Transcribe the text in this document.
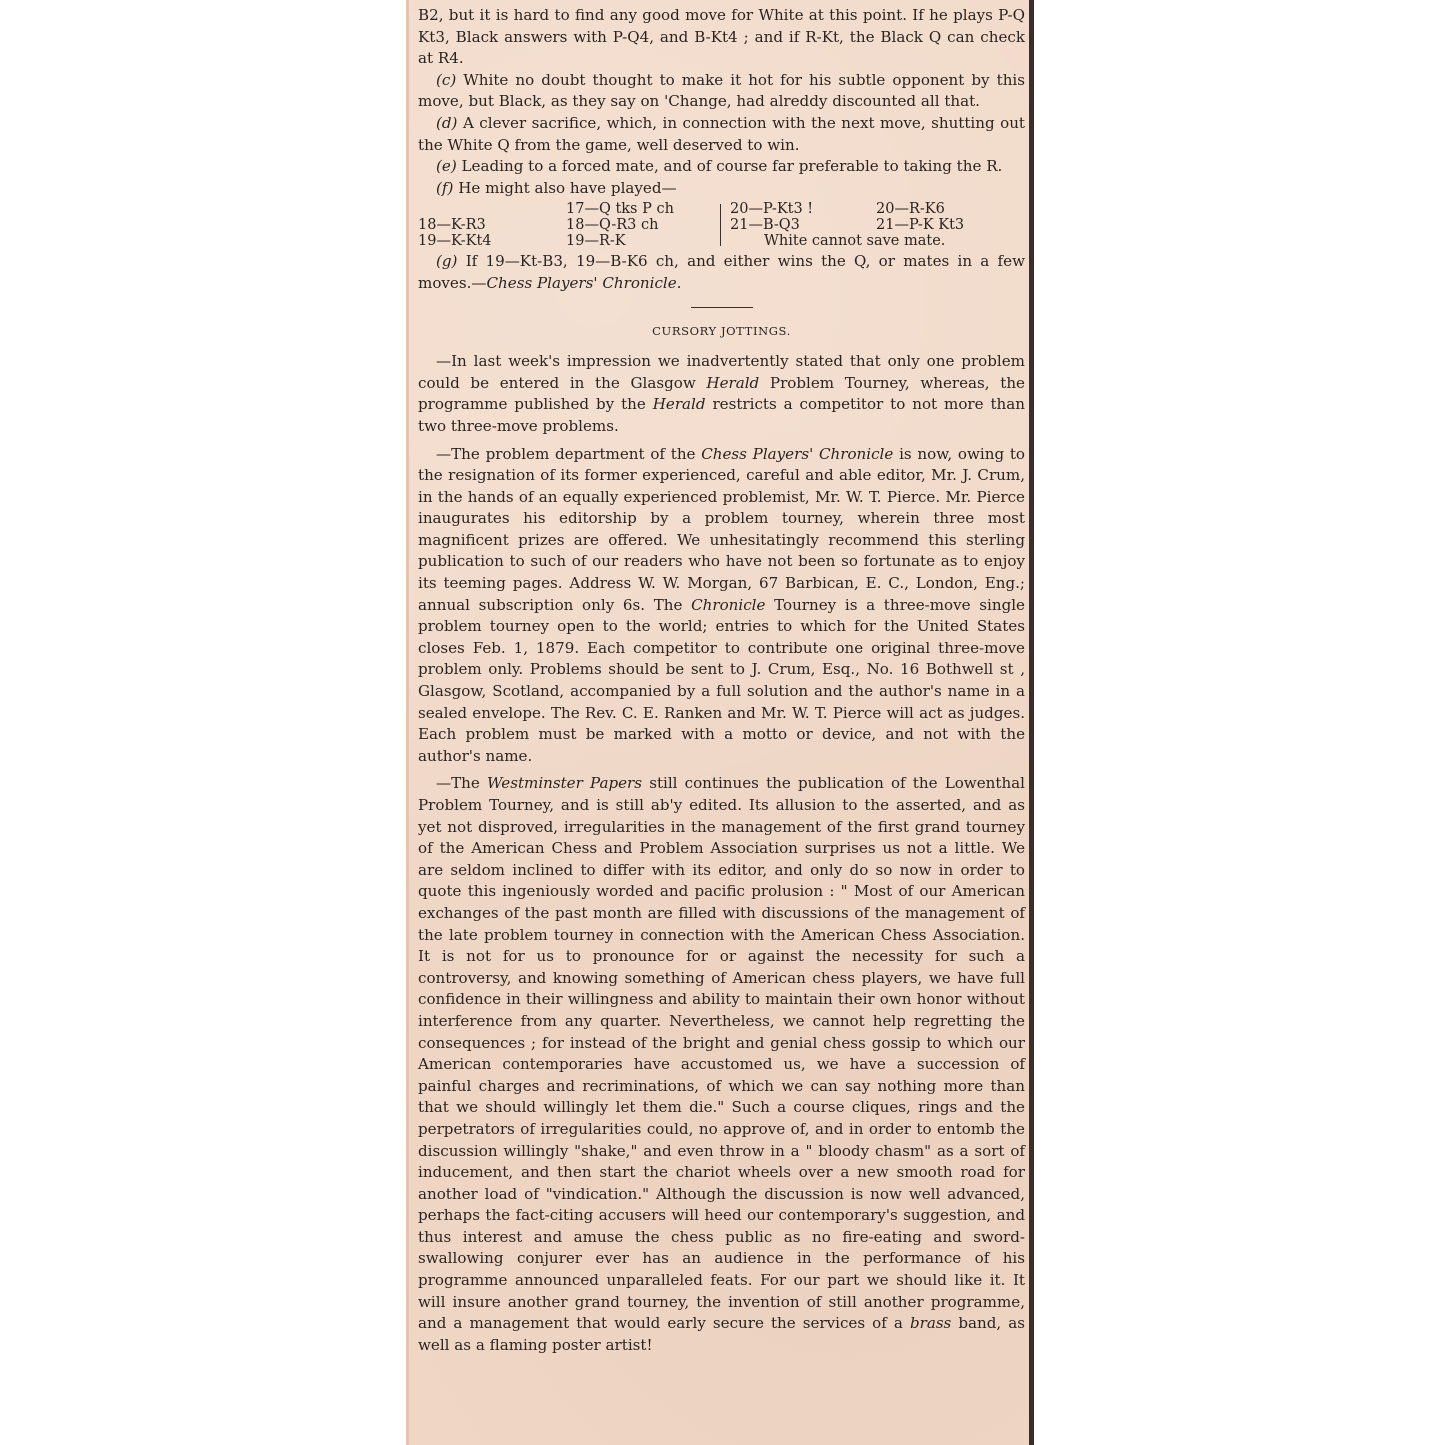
B2, but it is hard to find any good move for White at this point. If he plays P-Q Kt3, Black answers with P-Q4, and B-Kt4 ; and if R-Kt, the Black Q can check at R4.

(c) White no doubt thought to make it hot for his subtle opponent by this move, but Black, as they say on 'Change, had alreddy discounted all that.

(d) A clever sacrifice, which, in connection with the next move, shutting out the White Q from the game, well deserved to win.

(e) Leading to a forced mate, and of course far preferable to taking the R.

(f) He might also have played—

18—K-R3
19—K-Kt4
17—Q tks P ch
18—Q-R3 ch
19—R-K
20—P-Kt3 !
21—B-Q3
20—R-K6
21—P-K Kt3
White cannot save mate.

(g) If 19—Kt-B3, 19—B-K6 ch, and either wins the Q, or mates in a few moves.—Chess Players' Chronicle.

CURSORY JOTTINGS.

—In last week's impression we inadvertently stated that only one problem could be entered in the Glasgow Herald Problem Tourney, whereas, the programme published by the Herald restricts a competitor to not more than two three-move problems.

—The problem department of the Chess Players' Chronicle is now, owing to the resignation of its former experienced, careful and able editor, Mr. J. Crum, in the hands of an equally experienced problemist, Mr. W. T. Pierce. Mr. Pierce inaugurates his editorship by a problem tourney, wherein three most magnificent prizes are offered. We unhesitatingly recommend this sterling publication to such of our readers who have not been so fortunate as to enjoy its teeming pages. Address W. W. Morgan, 67 Barbican, E. C., London, Eng.; annual subscription only 6s. The Chronicle Tourney is a three-move single problem tourney open to the world; entries to which for the United States closes Feb. 1, 1879. Each competitor to contribute one original three-move problem only. Problems should be sent to J. Crum, Esq., No. 16 Bothwell st , Glasgow, Scotland, accompanied by a full solution and the author's name in a sealed envelope. The Rev. C. E. Ranken and Mr. W. T. Pierce will act as judges. Each problem must be marked with a motto or device, and not with the author's name.

—The Westminster Papers still continues the publication of the Lowenthal Problem Tourney, and is still ab'y edited. Its allusion to the asserted, and as yet not disproved, irregularities in the management of the first grand tourney of the American Chess and Problem Association surprises us not a little. We are seldom inclined to differ with its editor, and only do so now in order to quote this ingeniously worded and pacific prolusion : " Most of our American exchanges of the past month are filled with discussions of the management of the late problem tourney in connection with the American Chess Association. It is not for us to pronounce for or against the necessity for such a controversy, and knowing something of American chess players, we have full confidence in their willingness and ability to maintain their own honor without interference from any quarter. Nevertheless, we cannot help regretting the consequences ; for instead of the bright and genial chess gossip to which our American contemporaries have accustomed us, we have a succession of painful charges and recriminations, of which we can say nothing more than that we should willingly let them die." Such a course cliques, rings and the perpetrators of irregularities could, no approve of, and in order to entomb the discussion willingly "shake," and even throw in a " bloody chasm" as a sort of inducement, and then start the chariot wheels over a new smooth road for another load of "vindication." Although the discussion is now well advanced, perhaps the fact-citing accusers will heed our contemporary's suggestion, and thus interest and amuse the chess public as no fire-eating and sword-swallowing conjurer ever has an audience in the performance of his programme announced unparalleled feats. For our part we should like it. It will insure another grand tourney, the invention of still another programme, and a management that would early secure the services of a brass band, as well as a flaming poster artist!
